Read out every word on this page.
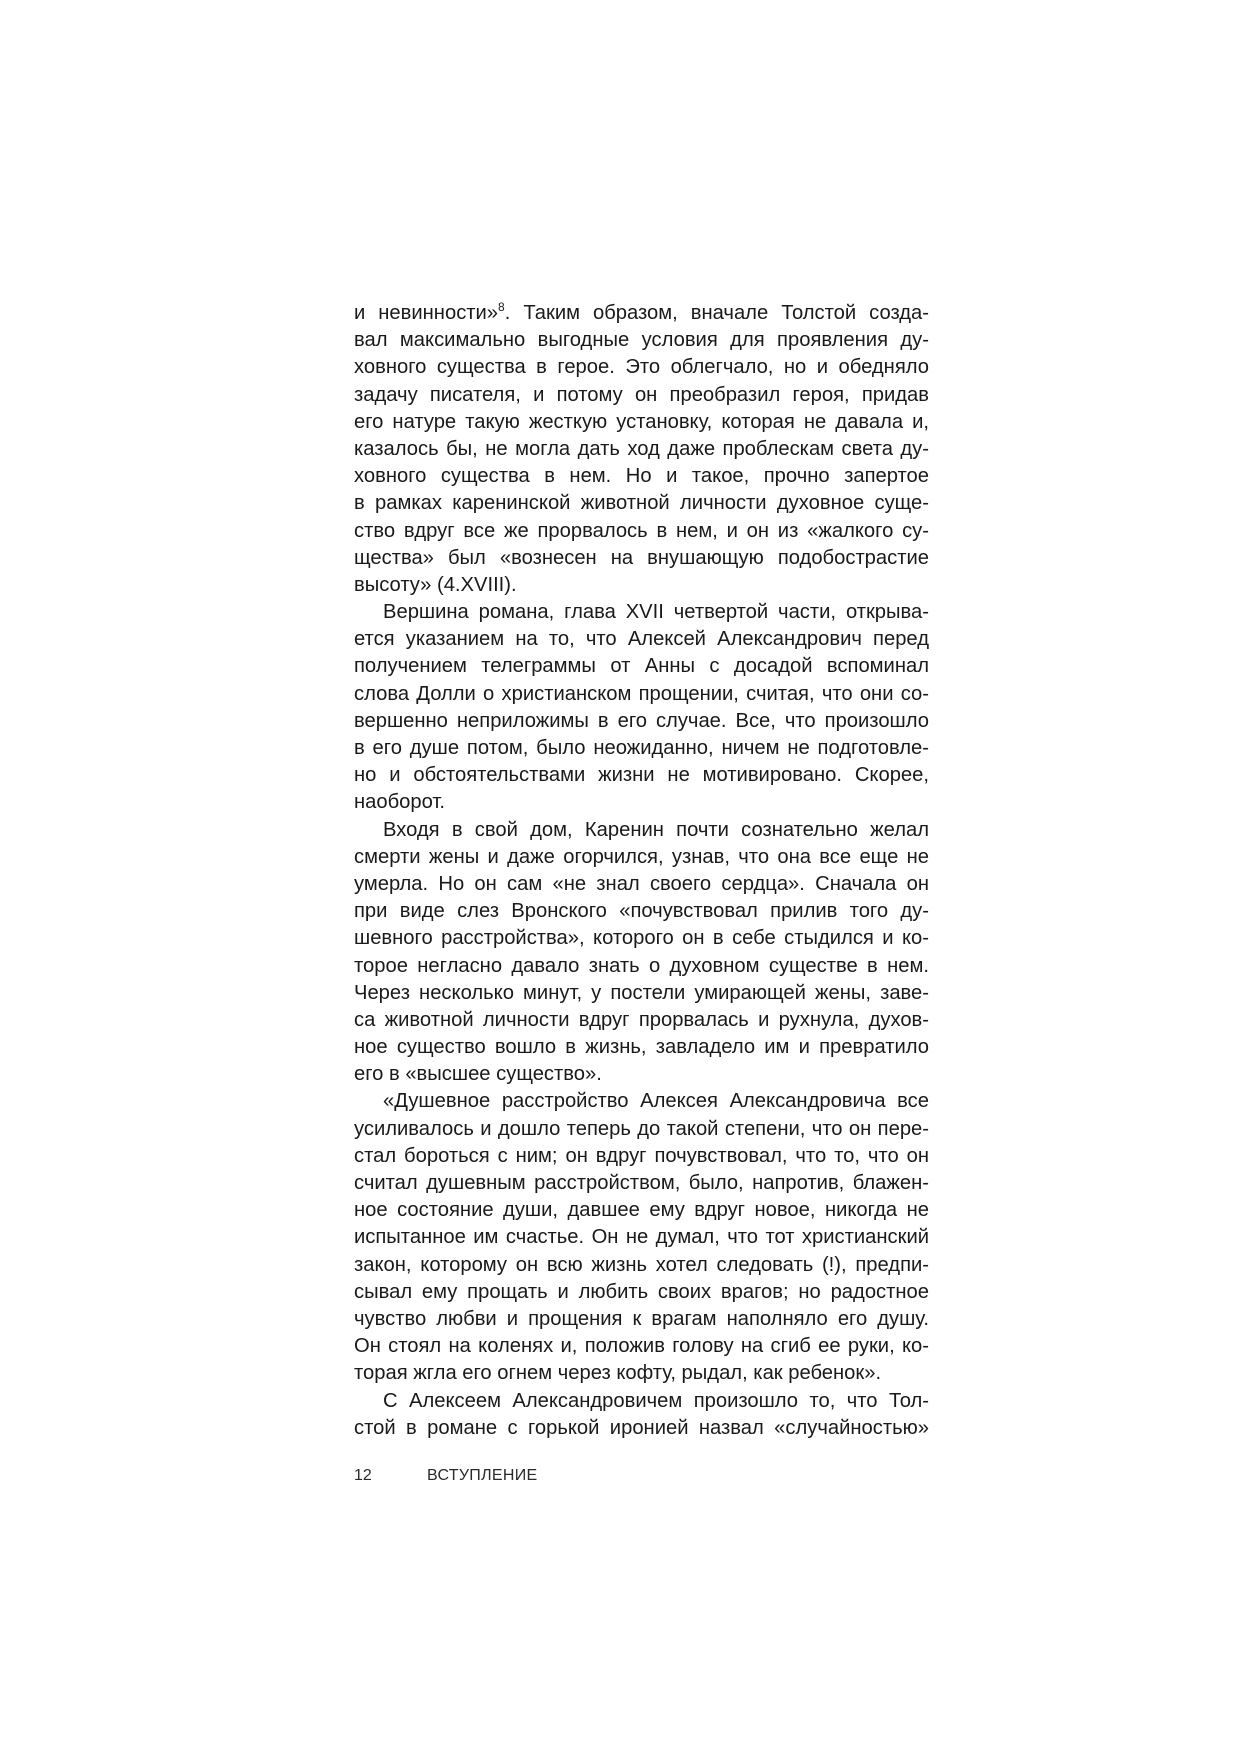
и невинности»$^8$. Таким образом, вначале Толстой созда-
вал максимально выгодные условия для проявления ду-
ховного существа в герое. Это облегчало, но и обедняло
задачу писателя, и потому он преобразил героя, придав
его натуре такую жесткую установку, которая не давала и,
казалось бы, не могла дать ход даже проблескам света ду-
ховного существа в нем. Но и такое, прочно запертое
в рамках каренинской животной личности духовное суще-
ство вдруг все же прорвалось в нем, и он из «жалкого су-
щества» был «вознесен на внушающую подобострастие
высоту» (4.XVIII).
Вершина романа, глава XVII четвертой части, открыва-
ется указанием на то, что Алексей Александрович перед
получением телеграммы от Анны с досадой вспоминал
слова Долли о христианском прощении, считая, что они со-
вершенно неприложимы в его случае. Все, что произошло
в его душе потом, было неожиданно, ничем не подготовле-
но и обстоятельствами жизни не мотивировано. Скорее,
наоборот.
Входя в свой дом, Каренин почти сознательно желал
смерти жены и даже огорчился, узнав, что она все еще не
умерла. Но он сам «не знал своего сердца». Сначала он
при виде слез Вронского «почувствовал прилив того ду-
шевного расстройства», которого он в себе стыдился и ко-
торое негласно давало знать о духовном существе в нем.
Через несколько минут, у постели умирающей жены, заве-
са животной личности вдруг прорвалась и рухнула, духов-
ное существо вошло в жизнь, завладело им и превратило
его в «высшее существо».
«Душевное расстройство Алексея Александровича все
усиливалось и дошло теперь до такой степени, что он пере-
стал бороться с ним; он вдруг почувствовал, что то, что он
считал душевным расстройством, было, напротив, блажен-
ное состояние души, давшее ему вдруг новое, никогда не
испытанное им счастье. Он не думал, что тот христианский
закон, которому он всю жизнь хотел следовать (!), предпи-
сывал ему прощать и любить своих врагов; но радостное
чувство любви и прощения к врагам наполняло его душу.
Он стоял на коленях и, положив голову на сгиб ее руки, ко-
торая жгла его огнем через кофту, рыдал, как ребенок».
С Алексеем Александровичем произошло то, что Тол-
стой в романе с горькой иронией назвал «случайностью»
12	ВСТУПЛЕНИЕ
